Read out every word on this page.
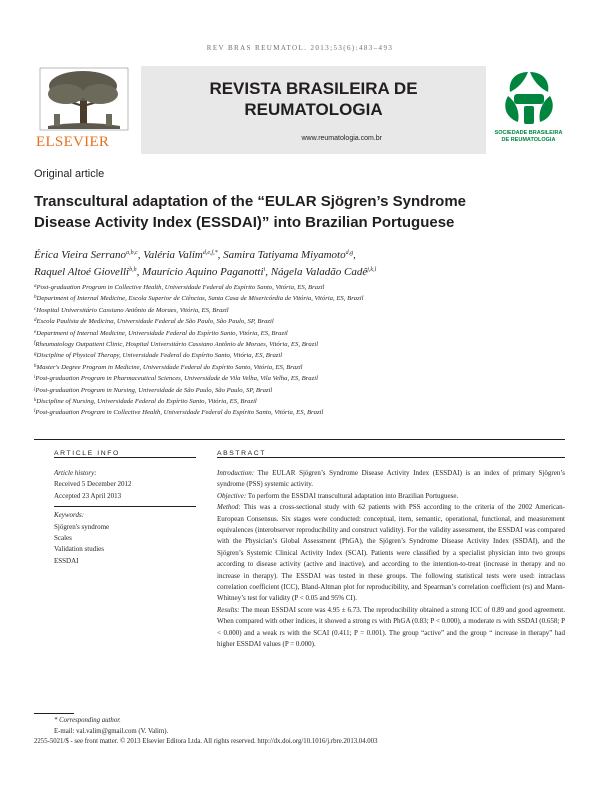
REV BRAS REUMATOL. 2013;53(6):483–493
ELSEVIER
REVISTA BRASILEIRA DE
REUMATOLOGIA
www.reumatologia.com.br
SOCIEDADE BRASILEIRA
DE REUMATOLOGIA
Original article
Transcultural adaptation of the “EULAR Sjögren’s Syndrome
Disease Activity Index (ESSDAI)” into Brazilian Portuguese
Érica Vieira Serrano$^{a,b,c}$, Valéria Valim$^{d,e,f,*}$, Samira Tatiyama Miyamoto$^{d,g}$,
Raquel Altoé Giovelli$^{b,h}$, Maurício Aquino Paganotti$^i$, Nágela Valadão Cadê$^{j,k,l}$
$^a$Post-graduation Program in Collective Health, Universidade Federal do Espírito Santo, Vitória, ES, Brazil
$^b$Department of Internal Medicine, Escola Superior de Ciências, Santa Casa de Misericórdia de Vitória, Vitória, ES, Brazil
$^c$Hospital Universitário Cassiano Antônio de Moraes, Vitória, ES, Brazil
$^d$Escola Paulista de Medicina, Universidade Federal de São Paulo, São Paulo, SP, Brazil
$^e$Department of Internal Medicine, Universidade Federal do Espírito Santo, Vitória, ES, Brazil
$^f$Rheumatology Outpatient Clinic, Hospital Universitário Cassiano Antônio de Moraes, Vitória, ES, Brazil
$^g$Discipline of Physical Therapy, Universidade Federal do Espírito Santo, Vitória, ES, Brazil
$^h$Master's Degree Program in Medicine, Universidade Federal do Espírito Santo, Vitória, ES, Brazil
$^i$Post-graduation Program in Pharmaceutical Sciences, Universidade de Vila Velha, Vila Velha, ES, Brazil
$^j$Post-graduation Program in Nursing, Universidade de São Paulo, São Paulo, SP, Brazil
$^k$Discipline of Nursing, Universidade Federal do Espírito Santo, Vitória, ES, Brazil
$^l$Post-graduation Program in Collective Health, Universidade Federal do Espírito Santo, Vitória, ES, Brazil
ARTICLE INFO	ABSTRACT
Article history:
Received 5 December 2012
Accepted 23 April 2013
Keywords:
Sjögren's syndrome
Scales
Validation studies
ESSDAI

Introduction: The EULAR Sjögren’s Syndrome Disease Activity Index (ESSDAI) is an index of primary Sjögren’s syndrome (PSS) systemic activity.

Objective: To perform the ESSDAI transcultural adaptation into Brazilian Portuguese.

Method: This was a cross-sectional study with 62 patients with PSS according to the criteria of the 2002 American-European Consensus. Six stages were conducted: conceptual, item, semantic, operational, functional, and measurement equivalences (interobserver reproducibility and construct validity). For the validity assessment, the ESSDAI was compared with the Physician’s Global Assessment (PhGA), the Sjögren’s Syndrome Disease Activity Index (SSDAI), and the Sjögren’s Systemic Clinical Activity Index (SCAI). Patients were classified by a specialist physician into two groups according to disease activity (active and inactive), and according to the intention-to-treat (increase in therapy and no increase in therapy). The ESSDAI was tested in these groups. The following statistical tests were used: intraclass correlation coefficient (ICC), Bland-Altman plot for reproducibility, and Spearman’s correlation coefficient (rs) and Mann-Whitney’s test for validity (P < 0.05 and 95% CI).

Results: The mean ESSDAI score was 4.95 ± 6.73. The reproducibility obtained a strong ICC of 0.89 and good agreement. When compared with other indices, it showed a strong rs with PhGA (0.83; P < 0.000), a moderate rs with SSDAI (0.658; P < 0.000) and a weak rs with the SCAI (0.411; P = 0.001). The group “active” and the group “ increase in therapy” had higher ESSDAI values (P = 0.000).

* Corresponding author.
E-mail: val.valim@gmail.com (V. Valim).
2255-5021/$ - see front matter. © 2013 Elsevier Editora Ltda. All rights reserved. http://dx.doi.org/10.1016/j.rbre.2013.04.003
